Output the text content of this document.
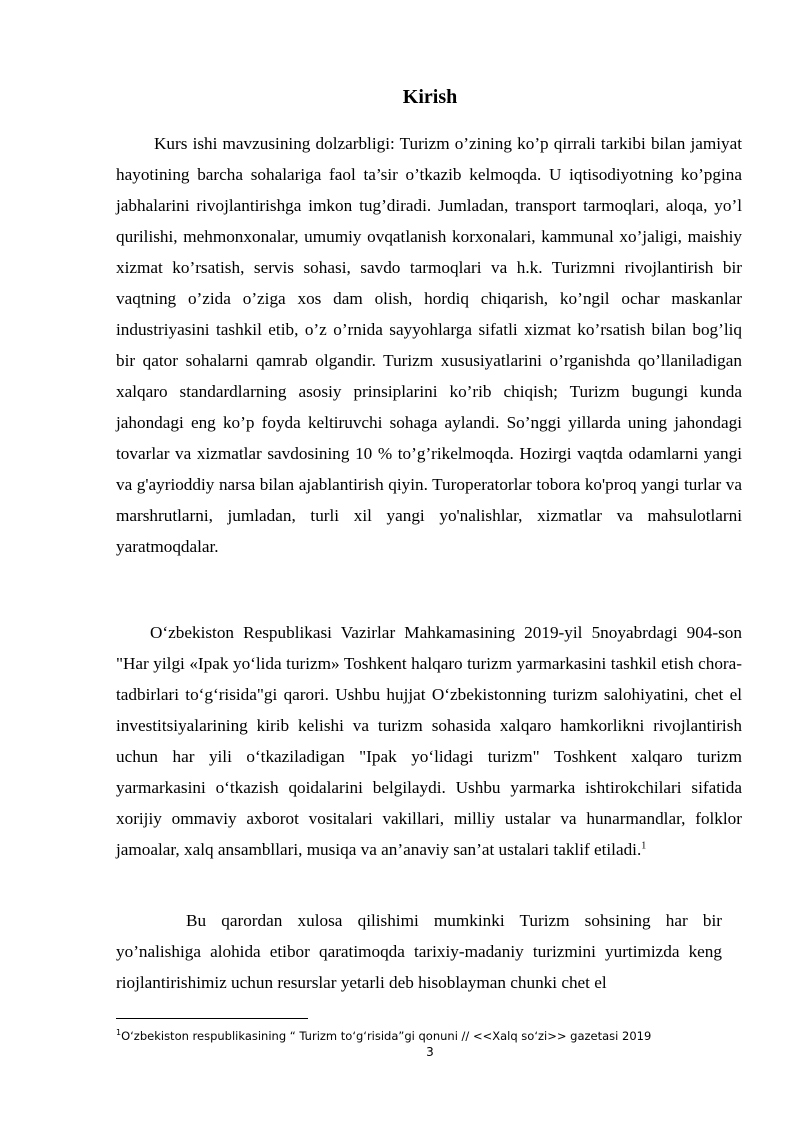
Kirish

Kurs ishi mavzusining dolzarbligi: Turizm o’zining ko’p qirrali tarkibi bilan jamiyat hayotining barcha sohalariga faol ta’sir o’tkazib kelmoqda. U iqtisodiyotning ko’pgina jabhalarini rivojlantirishga imkon tug’diradi. Jumladan, transport tarmoqlari, aloqa, yo’l qurilishi, mehmonxonalar, umumiy ovqatlanish korxonalari, kammunal xo’jaligi, maishiy xizmat ko’rsatish, servis sohasi, savdo tarmoqlari va h.k. Turizmni rivojlantirish bir vaqtning o’zida o’ziga xos dam olish, hordiq chiqarish, ko’ngil ochar maskanlar industriyasini tashkil etib, o’z o’rnida sayyohlarga sifatli xizmat ko’rsatish bilan bog’liq bir qator sohalarni qamrab olgandir. Turizm xususiyatlarini o’rganishda qo’llaniladigan xalqaro standardlarning asosiy prinsiplarini ko’rib chiqish; Turizm bugungi kunda jahondagi eng ko’p foyda keltiruvchi sohaga aylandi. So’nggi yillarda uning jahondagi tovarlar va xizmatlar savdosining 10 % to’g’rikelmoqda. Hozirgi vaqtda odamlarni yangi va g'ayrioddiy narsa bilan ajablantirish qiyin. Turoperatorlar tobora ko'proq yangi turlar va marshrutlarni, jumladan, turli xil yangi yo'nalishlar, xizmatlar va mahsulotlarni yaratmoqdalar.

O‘zbekiston Respublikasi Vazirlar Mahkamasining 2019-yil 5noyabrdagi 904-son "Har yilgi «Ipak yo‘lida turizm» Toshkent halqaro turizm yarmarkasini tashkil etish chora-tadbirlari to‘g‘risida"gi qarori. Ushbu hujjat O‘zbekistonning turizm salohiyatini, chet el investitsiyalarining kirib kelishi va turizm sohasida xalqaro hamkorlikni rivojlantirish uchun har yili o‘tkaziladigan "Ipak yo‘lidagi turizm" Toshkent xalqaro turizm yarmarkasini o‘tkazish qoidalarini belgilaydi. Ushbu yarmarka ishtirokchilari sifatida xorijiy ommaviy axborot vositalari vakillari, milliy ustalar va hunarmandlar, folklor jamoalar, xalq ansambllari, musiqa va an’anaviy san’at ustalari taklif etiladi.$^1$

Bu qarordan xulosa qilishimi mumkinki Turizm sohsining har bir yo’nalishiga alohida etibor qaratimoqda tarixiy-madaniy turizmini yurtimizda keng riojlantirishimiz uchun resurslar yetarli deb hisoblayman chunki chet el

$^1$O‘zbekiston respublikasining “ Turizm to‘g‘risida”gi qonuni // <<Xalq so‘zi>> gazetasi 2019
3
